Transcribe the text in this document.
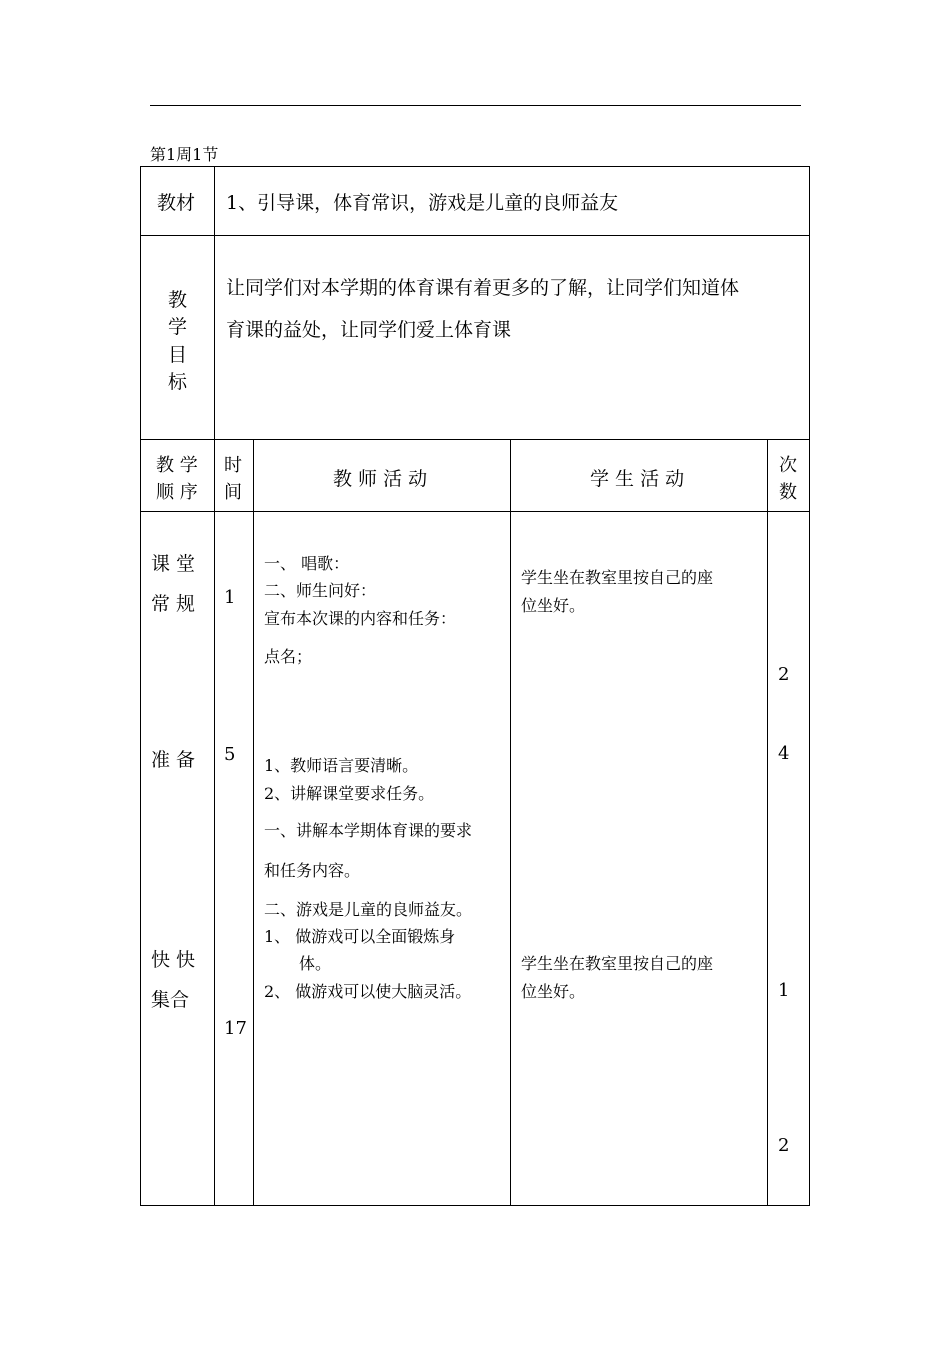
第1周1节
教材 1、引导课，体育常识，游戏是儿童的良师益友
教
学
目
标
让同学们对本学期的体育课有着更多的了解，让同学们知道体
育课的益处，让同学们爱上体育课
教 学
顺 序
时
间
教 师 活 动	学 生 活 动
次
数
课 堂
常 规
准 备
快 快
集合
1
5
17
一、 唱歌：
二、师生问好：
宣布本次课的内容和任务：
点名；
1、教师语言要清晰。
2、讲解课堂要求任务。
一、讲解本学期体育课的要求
和任务内容。
二、游戏是儿童的良师益友。
1、 做游戏可以全面锻炼身
体。
2、 做游戏可以使大脑灵活。
学生坐在教室里按自己的座
位坐好。
学生坐在教室里按自己的座
位坐好。
2
4
1
2
